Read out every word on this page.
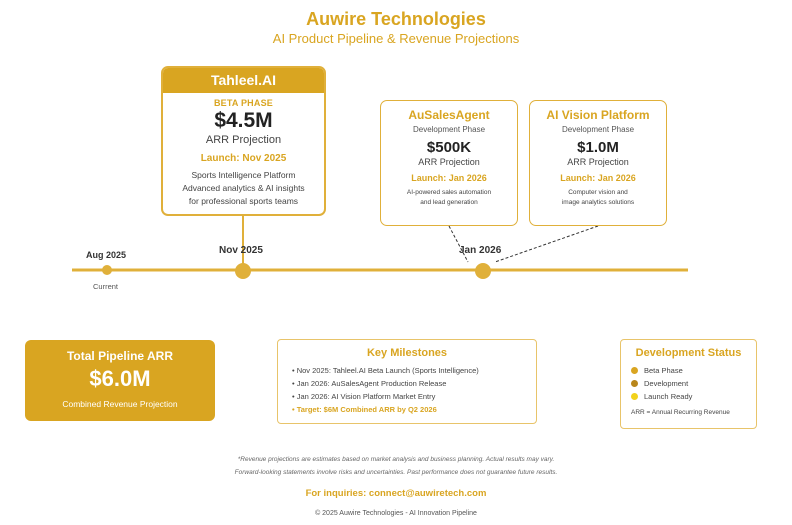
Auwire Technologies
AI Product Pipeline & Revenue Projections
Aug 2025
Current
Nov 2025	Jan 2026
Tahleel.AI
BETA PHASE
$4.5M
ARR Projection
Launch: Nov 2025
Sports Intelligence Platform
Advanced analytics & AI insights
for professional sports teams
AuSalesAgent
Development Phase
$500K
ARR Projection
Launch: Jan 2026
AI-powered sales automation
and lead generation
AI Vision Platform
Development Phase
$1.0M
ARR Projection
Launch: Jan 2026
Computer vision and
image analytics solutions
Total Pipeline ARR
$6.0M
Combined Revenue Projection
Key Milestones
• Nov 2025: Tahleel.AI Beta Launch (Sports Intelligence)
• Jan 2026: AuSalesAgent Production Release
• Jan 2026: AI Vision Platform Market Entry
• Target: $6M Combined ARR by Q2 2026
Development Status
Beta Phase
Development
Launch Ready
ARR = Annual Recurring Revenue
*Revenue projections are estimates based on market analysis and business planning. Actual results may vary.
Forward-looking statements involve risks and uncertainties. Past performance does not guarantee future results.
For inquiries: connect@auwiretech.com
© 2025 Auwire Technologies - AI Innovation Pipeline
